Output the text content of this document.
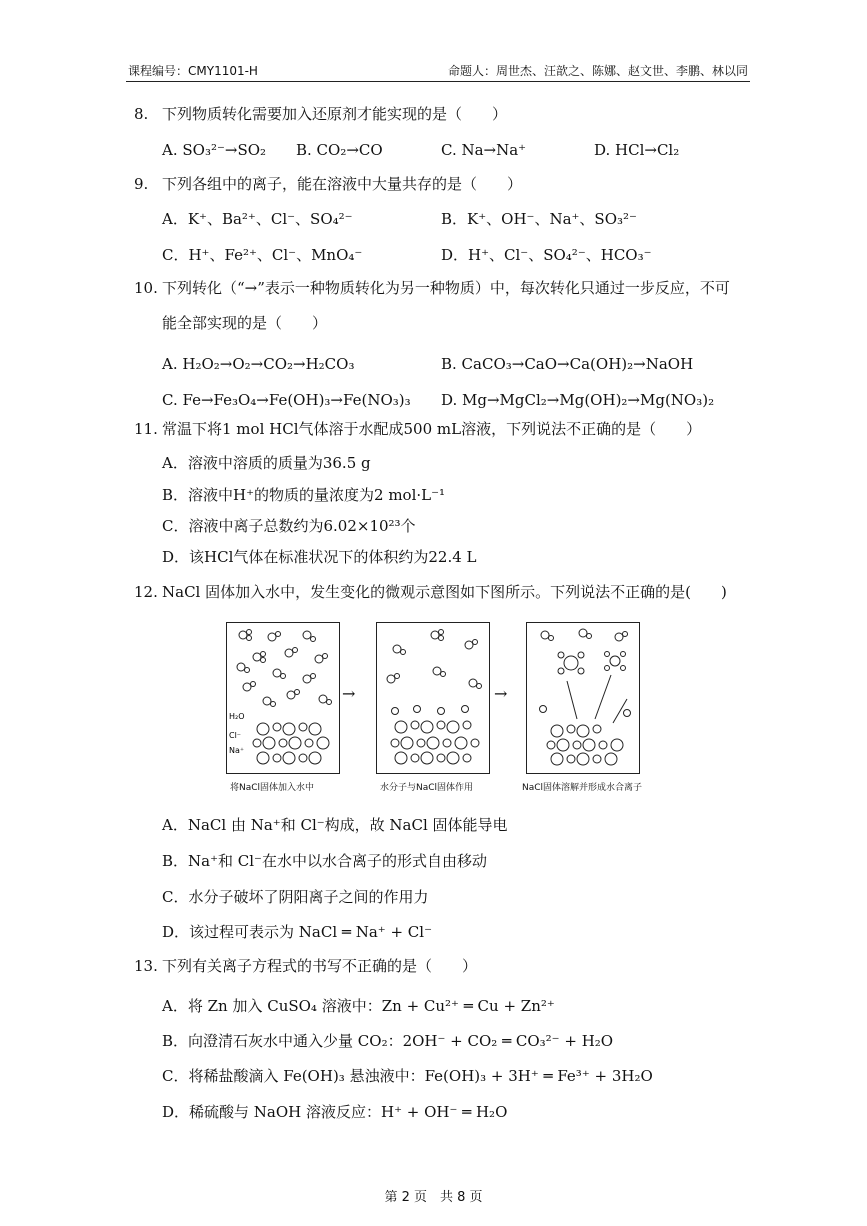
课程编号：CMY1101-H	命题人：周世杰、汪歆之、陈娜、赵文世、李鹏、林以同
8. 下列物质转化需要加入还原剂才能实现的是（　　）
A. SO₃²⁻→SO₂ B. CO₂→CO	C. Na→Na⁺	D. HCl→Cl₂
9. 下列各组中的离子，能在溶液中大量共存的是（　　）
A．K⁺、Ba²⁺、Cl⁻、SO₄²⁻	B．K⁺、OH⁻、Na⁺、SO₃²⁻
C．H⁺、Fe²⁺、Cl⁻、MnO₄⁻	D．H⁺、Cl⁻、SO₄²⁻、HCO₃⁻
10. 下列转化（“→”表示一种物质转化为另一种物质）中，每次转化只通过一步反应，不可
能全部实现的是（　　）
A. H₂O₂→O₂→CO₂→H₂CO₃	B. CaCO₃→CaO→Ca(OH)₂→NaOH
C. Fe→Fe₃O₄→Fe(OH)₃→Fe(NO₃)₃ D. Mg→MgCl₂→Mg(OH)₂→Mg(NO₃)₂
11. 常温下将1 mol HCl气体溶于水配成500 mL溶液，下列说法不正确的是（　　）
A．溶液中溶质的质量为36.5 g
B．溶液中H⁺的物质的量浓度为2 mol·L⁻¹
C．溶液中离子总数约为6.02×10²³个
D．该HCl气体在标准状况下的体积约为22.4 L
12. NaCl 固体加入水中，发生变化的微观示意图如下图所示。下列说法不正确的是(　　)
H₂O
Cl⁻
Na⁺
将NaCl固体加入水中
→
水分子与NaCl固体作用
→
NaCl固体溶解并形成水合离子
A．NaCl 由 Na⁺和 Cl⁻构成，故 NaCl 固体能导电
B．Na⁺和 Cl⁻在水中以水合离子的形式自由移动
C．水分子破坏了阴阳离子之间的作用力
D．该过程可表示为 NaCl ═ Na⁺ + Cl⁻
13. 下列有关离子方程式的书写不正确的是（　　）
A．将 Zn 加入 CuSO₄ 溶液中：Zn + Cu²⁺ ═ Cu + Zn²⁺
B．向澄清石灰水中通入少量 CO₂：2OH⁻ + CO₂ ═ CO₃²⁻ + H₂O
C．将稀盐酸滴入 Fe(OH)₃ 悬浊液中：Fe(OH)₃ + 3H⁺ ═ Fe³⁺ + 3H₂O
D．稀硫酸与 NaOH 溶液反应：H⁺ + OH⁻ ═ H₂O
第 2 页　共 8 页
